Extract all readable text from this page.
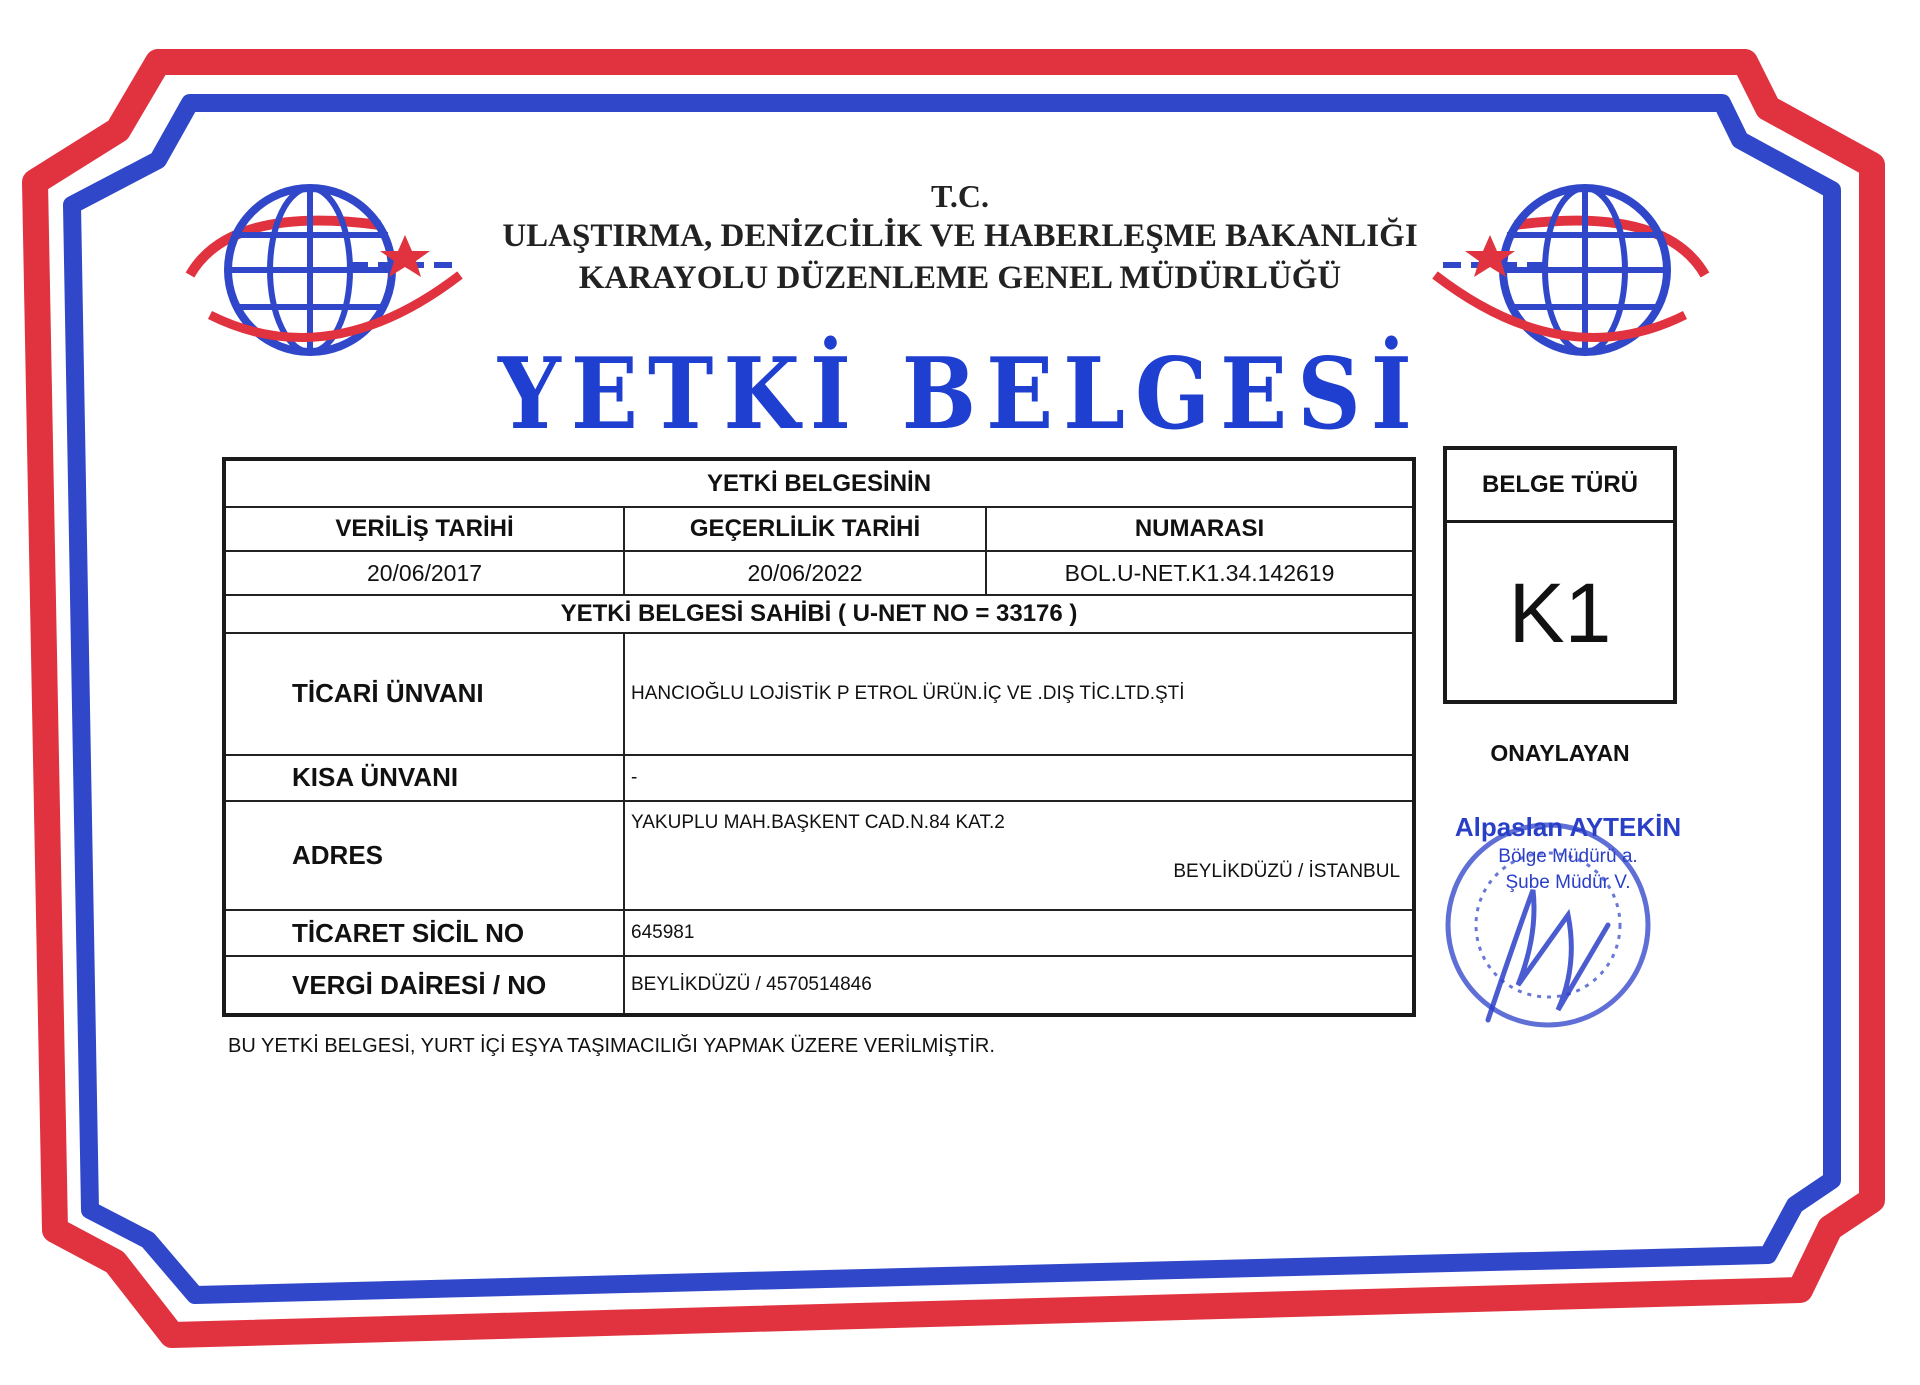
T.C.
ULAŞTIRMA, DENİZCİLİK VE HABERLEŞME BAKANLIĞI
KARAYOLU DÜZENLEME GENEL MÜDÜRLÜĞÜ
YETKİ BELGESİ
YETKİ BELGESİNİN		
VERİLİŞ TARİHİ	GEÇERLİLİK TARİHİ	NUMARASI
20/06/2017	20/06/2022	BOL.U-NET.K1.34.142619
YETKİ BELGESİ SAHİBİ ( U-NET NO = 33176 )		
TİCARİ ÜNVANI	HANCIOĞLU LOJİSTİK P ETROL ÜRÜN.İÇ VE .DIŞ TİC.LTD.ŞTİ	
KISA ÜNVANI	-	
ADRES	YAKUPLU MAH.BAŞKENT CAD.N.84 KAT.2
BEYLİKDÜZÜ / İSTANBUL	

TİCARET SİCİL NO	645981	
VERGİ DAİRESİ / NO	BEYLİKDÜZÜ / 4570514846	
BELGE TÜRÜ
K1
ONAYLAYAN
Alpaslan AYTEKİN
Bölge Müdürü a.
Şube Müdür V.
BU YETKİ BELGESİ, YURT İÇİ EŞYA TAŞIMACILIĞI YAPMAK ÜZERE VERİLMİŞTİR.
